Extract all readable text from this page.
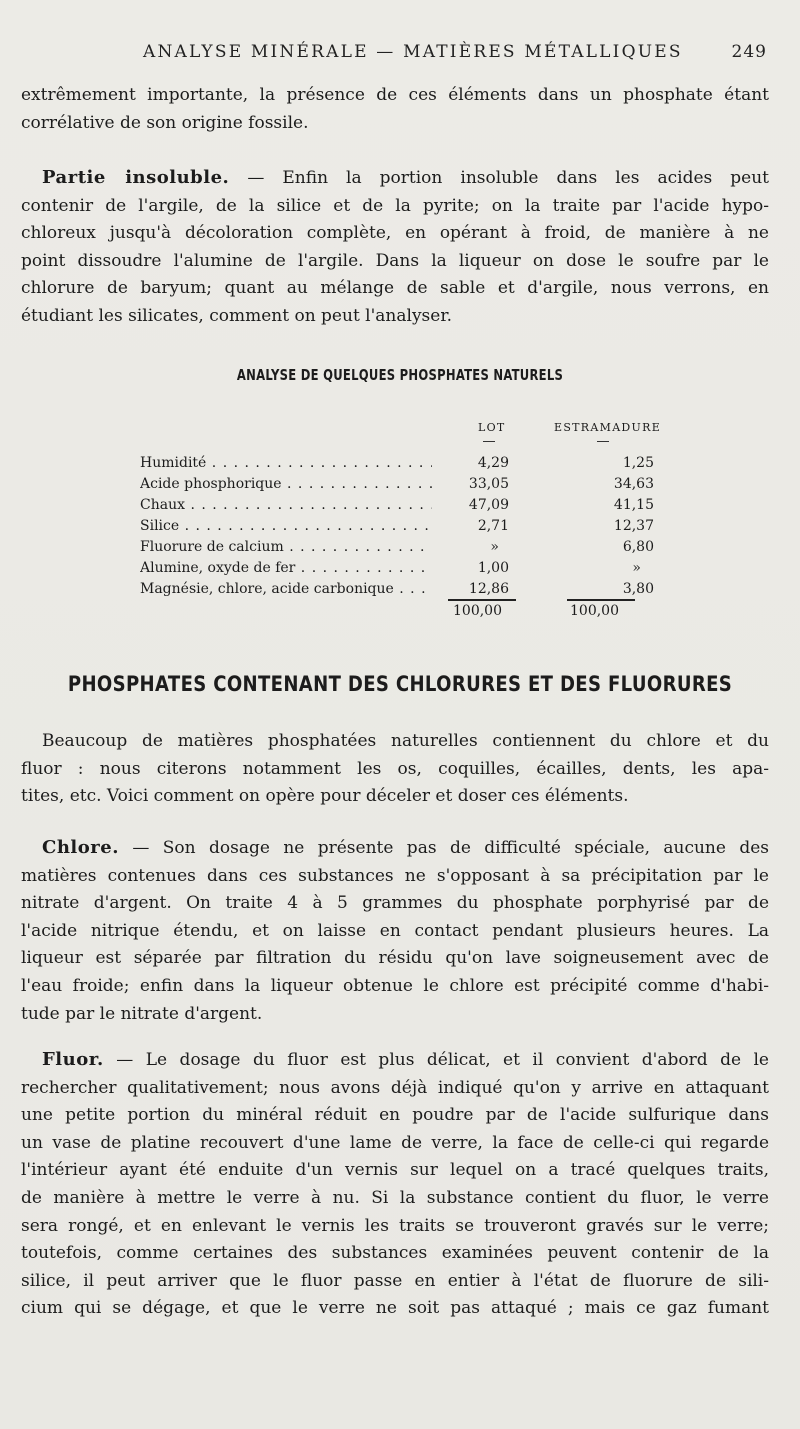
ANALYSE MINÉRALE — MATIÈRES MÉTALLIQUES	249
extrêmement importante, la présence de ces éléments dans un phosphate étant
corrélative de son origine fossile.
Partie insoluble. — Enfin la portion insoluble dans les acides peut
contenir de l'argile, de la silice et de la pyrite; on la traite par l'acide hypo-
chloreux jusqu'à décoloration complète, en opérant à froid, de manière à ne
point dissoudre l'alumine de l'argile. Dans la liqueur on dose le soufre par le
chlorure de baryum; quant au mélange de sable et d'argile, nous verrons, en
étudiant les silicates, comment on peut l'analyser.
ANALYSE DE QUELQUES PHOSPHATES NATURELS
LOT	ESTRAMADURE
Humidité . . .	4,29	1,25
Acide phosphorique . . .	33,05	34,63
Chaux . . .	47,09	41,15
Silice . . .	2,71	12,37
Fluorure de calcium . . .	»	6,80
Alumine, oxyde de fer . . .	1,00	»
Magnésie, chlore, acide carbonique . . .	12,86	3,80
100,00	100,00
PHOSPHATES CONTENANT DES CHLORURES ET DES FLUORURES
Beaucoup de matières phosphatées naturelles contiennent du chlore et du
fluor : nous citerons notamment les os, coquilles, écailles, dents, les apa-
tites, etc. Voici comment on opère pour déceler et doser ces éléments.
Chlore. — Son dosage ne présente pas de difficulté spéciale, aucune des
matières contenues dans ces substances ne s'opposant à sa précipitation par le
nitrate d'argent. On traite 4 à 5 grammes du phosphate porphyrisé par de
l'acide nitrique étendu, et on laisse en contact pendant plusieurs heures. La
liqueur est séparée par filtration du résidu qu'on lave soigneusement avec de
l'eau froide; enfin dans la liqueur obtenue le chlore est précipité comme d'habi-
tude par le nitrate d'argent.
Fluor. — Le dosage du fluor est plus délicat, et il convient d'abord de le
rechercher qualitativement; nous avons déjà indiqué qu'on y arrive en attaquant
une petite portion du minéral réduit en poudre par de l'acide sulfurique dans
un vase de platine recouvert d'une lame de verre, la face de celle-ci qui regarde
l'intérieur ayant été enduite d'un vernis sur lequel on a tracé quelques traits,
de manière à mettre le verre à nu. Si la substance contient du fluor, le verre
sera rongé, et en enlevant le vernis les traits se trouveront gravés sur le verre;
toutefois, comme certaines des substances examinées peuvent contenir de la
silice, il peut arriver que le fluor passe en entier à l'état de fluorure de sili-
cium qui se dégage, et que le verre ne soit pas attaqué ; mais ce gaz fumant
